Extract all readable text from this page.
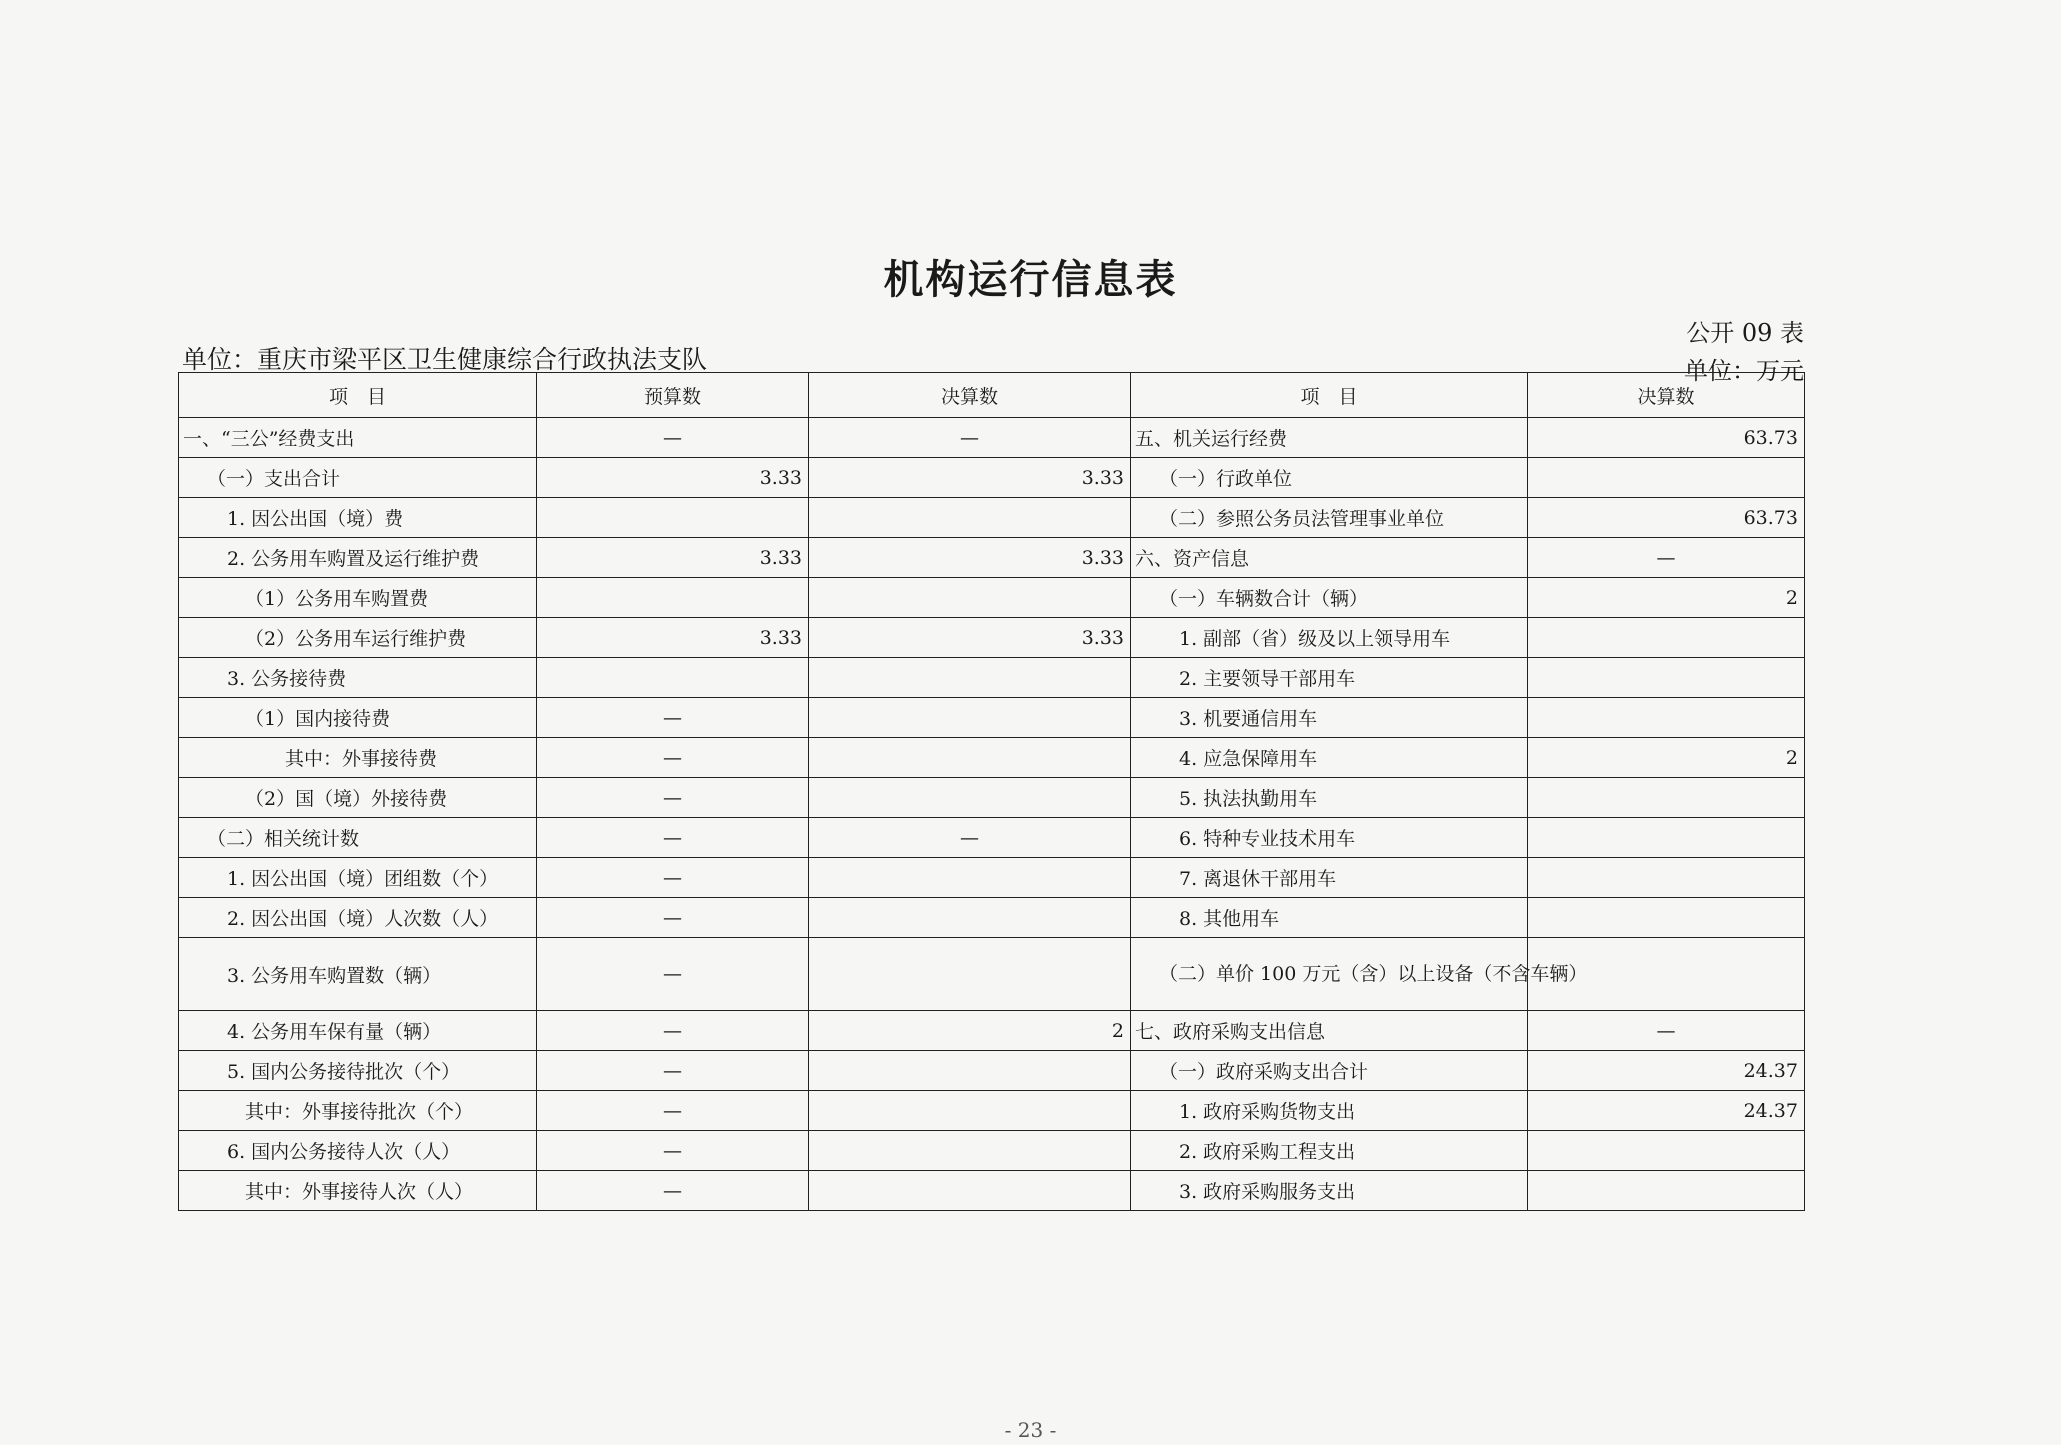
机构运行信息表
公开 09 表
单位：万元
单位：重庆市梁平区卫生健康综合行政执法支队
项　目	预算数	决算数	项　目	决算数
一、“三公”经费支出	—	—	五、机关运行经费	63.73
（一）支出合计	3.33	3.33	（一）行政单位	
1. 因公出国（境）费			（二）参照公务员法管理事业单位	63.73
2. 公务用车购置及运行维护费	3.33	3.33	六、资产信息	—
（1）公务用车购置费			（一）车辆数合计（辆）	2
（2）公务用车运行维护费	3.33	3.33	1. 副部（省）级及以上领导用车	
3. 公务接待费			2. 主要领导干部用车	
（1）国内接待费	—		3. 机要通信用车	
其中：外事接待费	—		4. 应急保障用车	2
（2）国（境）外接待费	—		5. 执法执勤用车	
（二）相关统计数	—	—	6. 特种专业技术用车	
1. 因公出国（境）团组数（个）	—		7. 离退休干部用车	
2. 因公出国（境）人次数（人）	—		8. 其他用车	
3. 公务用车购置数（辆）	—		（二）单价 100 万元（含）以上设备（不含车辆）	
4. 公务用车保有量（辆）	—	2	七、政府采购支出信息	—
5. 国内公务接待批次（个）	—		（一）政府采购支出合计	24.37
其中：外事接待批次（个）	—		1. 政府采购货物支出	24.37
6. 国内公务接待人次（人）	—		2. 政府采购工程支出	
其中：外事接待人次（人）	—		3. 政府采购服务支出	
- 23 -
